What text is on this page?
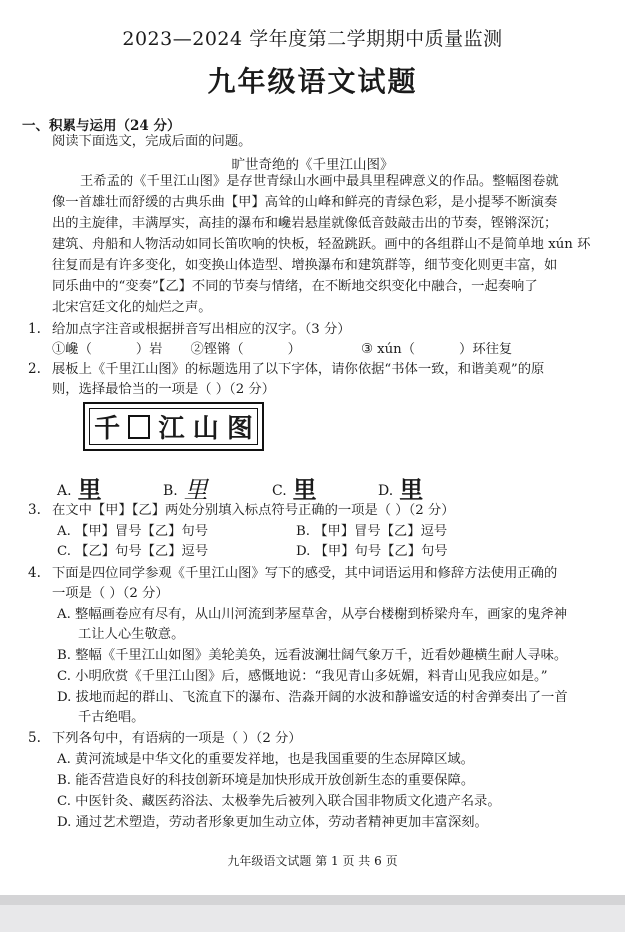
2023—2024 学年度第二学期期中质量监测
九年级语文试题
一、积累与运用（24 分）
阅读下面选文，完成后面的问题。
旷世奇绝的《千里江山图》
王希孟的《千里江山图》是存世青绿山水画中最具里程碑意义的作品。整幅图卷就
像一首雄壮而舒缓的古典乐曲【甲】高耸的山峰和鲜亮的青绿色彩，是小提琴不断演奏
出的主旋律，丰满厚实，高挂的瀑布和巉岩悬崖就像低音鼓敲击出的节奏，铿锵深沉；
建筑、舟船和人物活动如同长笛吹响的快板，轻盈跳跃。画中的各组群山不是简单地 xún 环
往复而是有许多变化，如变换山体造型、增换瀑布和建筑群等，细节变化则更丰富，如
同乐曲中的“变奏”【乙】不同的节奏与情绪，在不断地交织变化中融合，一起奏响了
北宋宫廷文化的灿烂之声。
1. 给加点字注音或根据拼音写出相应的汉字。（3 分）
①巉（	）岩 ②铿锵（	）	③ xún（	）环往复
2. 展板上《千里江山图》的标题选用了以下字体，请你依据“书体一致，和谐美观”的原
则，选择最恰当的一项是（ ）（2 分）
千 江 山 图
A. 里	B. 里	C. 里	D. 里
3. 在文中【甲】【乙】两处分别填入标点符号正确的一项是（ ）（2 分）
A. 【甲】冒号【乙】句号	B. 【甲】冒号【乙】逗号
C. 【乙】句号【乙】逗号	D. 【甲】句号【乙】句号
4. 下面是四位同学参观《千里江山图》写下的感受，其中词语运用和修辞方法使用正确的
一项是（ ）（2 分）
A. 整幅画卷应有尽有，从山川河流到茅屋草舍，从亭台楼榭到桥梁舟车，画家的鬼斧神
工让人心生敬意。
B. 整幅《千里江山如图》美轮美奂，远看波澜壮阔气象万千，近看妙趣横生耐人寻味。
C. 小明欣赏《千里江山图》后，感慨地说：“我见青山多妩媚，料青山见我应如是。”
D. 拔地而起的群山、飞流直下的瀑布、浩淼开阔的水波和静谧安适的村舍弹奏出了一首
千古绝唱。
5. 下列各句中，有语病的一项是（ ）（2 分）
A. 黄河流域是中华文化的重要发祥地，也是我国重要的生态屏障区域。
B. 能否营造良好的科技创新环境是加快形成开放创新生态的重要保障。
C. 中医针灸、藏医药浴法、太极拳先后被列入联合国非物质文化遗产名录。
D. 通过艺术塑造，劳动者形象更加生动立体，劳动者精神更加丰富深刻。
九年级语文试题 第 1 页 共 6 页
